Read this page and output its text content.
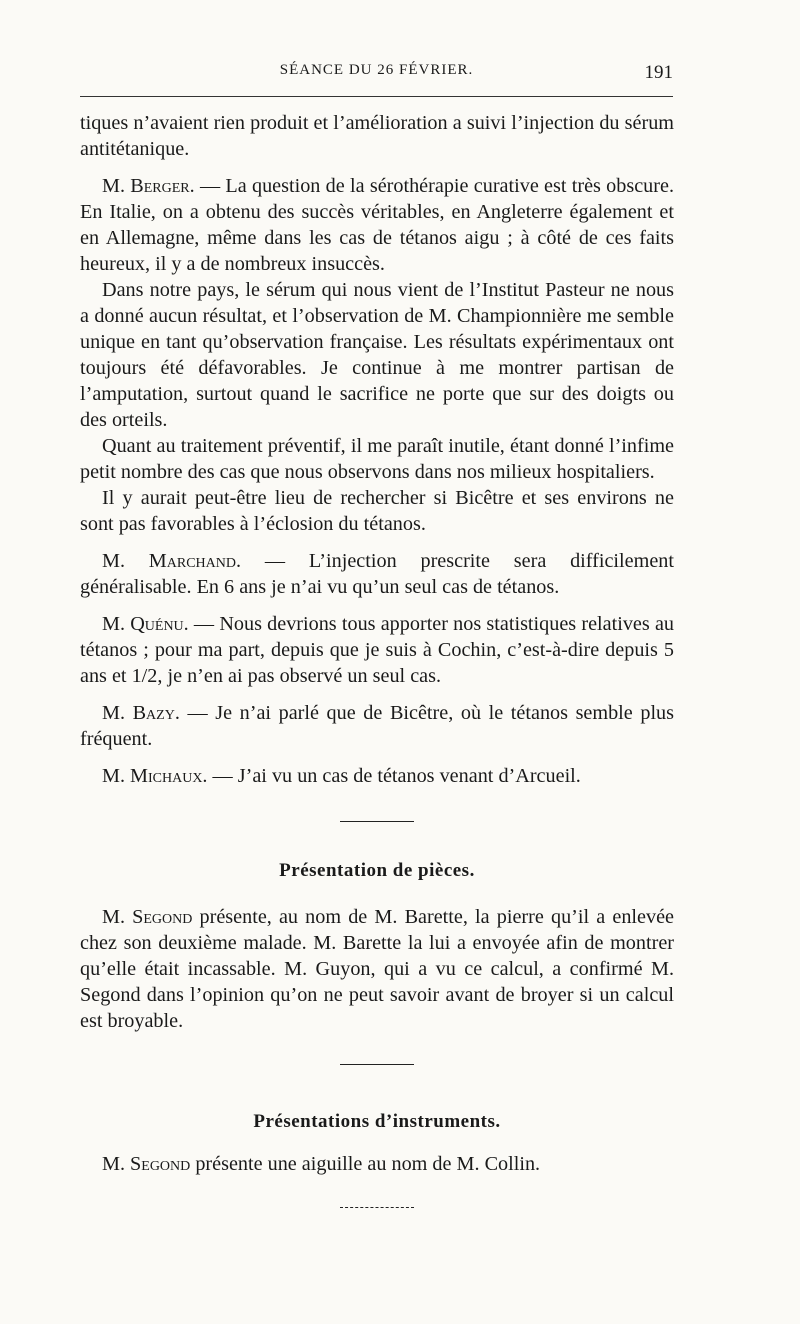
SÉANCE DU 26 FÉVRIER.	191

tiques n’avaient rien produit et l’amélioration a suivi l’injection du sérum antitétanique.

M. Berger. — La question de la sérothérapie curative est très obscure. En Italie, on a obtenu des succès véritables, en Angleterre également et en Allemagne, même dans les cas de tétanos aigu ; à côté de ces faits heureux, il y a de nombreux insuccès.

Dans notre pays, le sérum qui nous vient de l’Institut Pasteur ne nous a donné aucun résultat, et l’observation de M. Championnière me semble unique en tant qu’observation française. Les résultats expérimentaux ont toujours été défavorables. Je continue à me montrer partisan de l’amputation, surtout quand le sacrifice ne porte que sur des doigts ou des orteils.

Quant au traitement préventif, il me paraît inutile, étant donné l’infime petit nombre des cas que nous observons dans nos milieux hospitaliers.

Il y aurait peut-être lieu de rechercher si Bicêtre et ses environs ne sont pas favorables à l’éclosion du tétanos.

M. Marchand. — L’injection prescrite sera difficilement généralisable. En 6 ans je n’ai vu qu’un seul cas de tétanos.

M. Quénu. — Nous devrions tous apporter nos statistiques relatives au tétanos ; pour ma part, depuis que je suis à Cochin, c’est-à-dire depuis 5 ans et 1/2, je n’en ai pas observé un seul cas.

M. Bazy. — Je n’ai parlé que de Bicêtre, où le tétanos semble plus fréquent.

M. Michaux. — J’ai vu un cas de tétanos venant d’Arcueil.

Présentation de pièces.

M. Segond présente, au nom de M. Barette, la pierre qu’il a enlevée chez son deuxième malade. M. Barette la lui a envoyée afin de montrer qu’elle était incassable. M. Guyon, qui a vu ce calcul, a confirmé M. Segond dans l’opinion qu’on ne peut savoir avant de broyer si un calcul est broyable.

Présentations d’instruments.

M. Segond présente une aiguille au nom de M. Collin.
